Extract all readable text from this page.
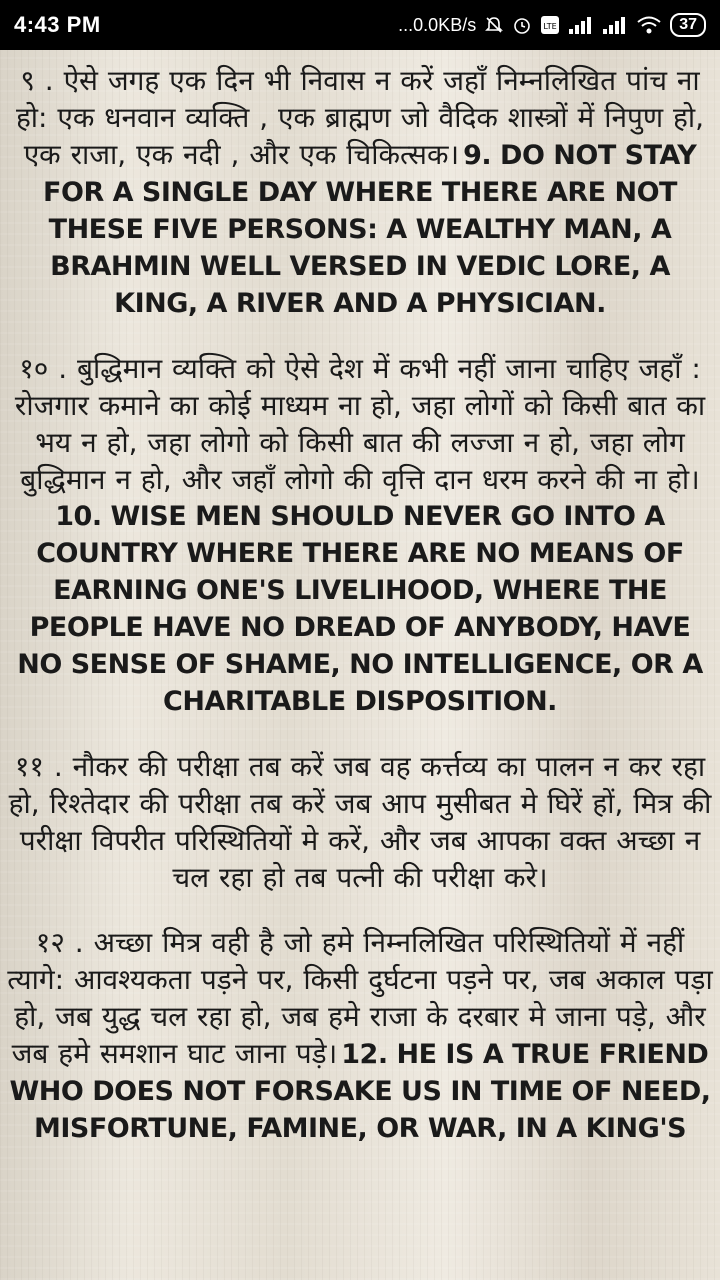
4:43 PM	...0.0KB/s	LTE	37
९ . ऐसे जगह एक दिन भी निवास न करें जहाँ निम्नलिखित पांच ना हो: एक धनवान व्यक्ति , एक ब्राह्मण जो वैदिक शास्त्रों में निपुण हो, एक राजा, एक नदी , और एक चिकित्सक। 9. DO NOT STAY FOR A SINGLE DAY WHERE THERE ARE NOT THESE FIVE PERSONS: A WEALTHY MAN, A BRAHMIN WELL VERSED IN VEDIC LORE, A KING, A RIVER AND A PHYSICIAN.
१० . बुद्धिमान व्यक्ति को ऐसे देश में कभी नहीं जाना चाहिए जहाँ : रोजगार कमाने का कोई माध्यम ना हो, जहा लोगों को किसी बात का भय न हो, जहा लोगो को किसी बात की लज्जा न हो, जहा लोग बुद्धिमान न हो, और जहाँ लोगो की वृत्ति दान धरम करने की ना हो। 10. WISE MEN SHOULD NEVER GO INTO A COUNTRY WHERE THERE ARE NO MEANS OF EARNING ONE'S LIVELIHOOD, WHERE THE PEOPLE HAVE NO DREAD OF ANYBODY, HAVE NO SENSE OF SHAME, NO INTELLIGENCE, OR A CHARITABLE DISPOSITION.
११ . नौकर की परीक्षा तब करें जब वह कर्त्तव्य का पालन न कर रहा हो, रिश्तेदार की परीक्षा तब करें जब आप मुसीबत मे घिरें हों, मित्र की परीक्षा विपरीत परिस्थितियों मे करें, और जब आपका वक्त अच्छा न चल रहा हो तब पत्नी की परीक्षा करे।
१२ . अच्छा मित्र वही है जो हमे निम्नलिखित परिस्थितियों में नहीं त्यागे: आवश्यकता पड़ने पर, किसी दुर्घटना पड़ने पर, जब अकाल पड़ा हो, जब युद्ध चल रहा हो, जब हमे राजा के दरबार मे जाना पड़े, और जब हमे समशान घाट जाना पड़े। 12. HE IS A TRUE FRIEND WHO DOES NOT FORSAKE US IN TIME OF NEED, MISFORTUNE, FAMINE, OR WAR, IN A KING'S
